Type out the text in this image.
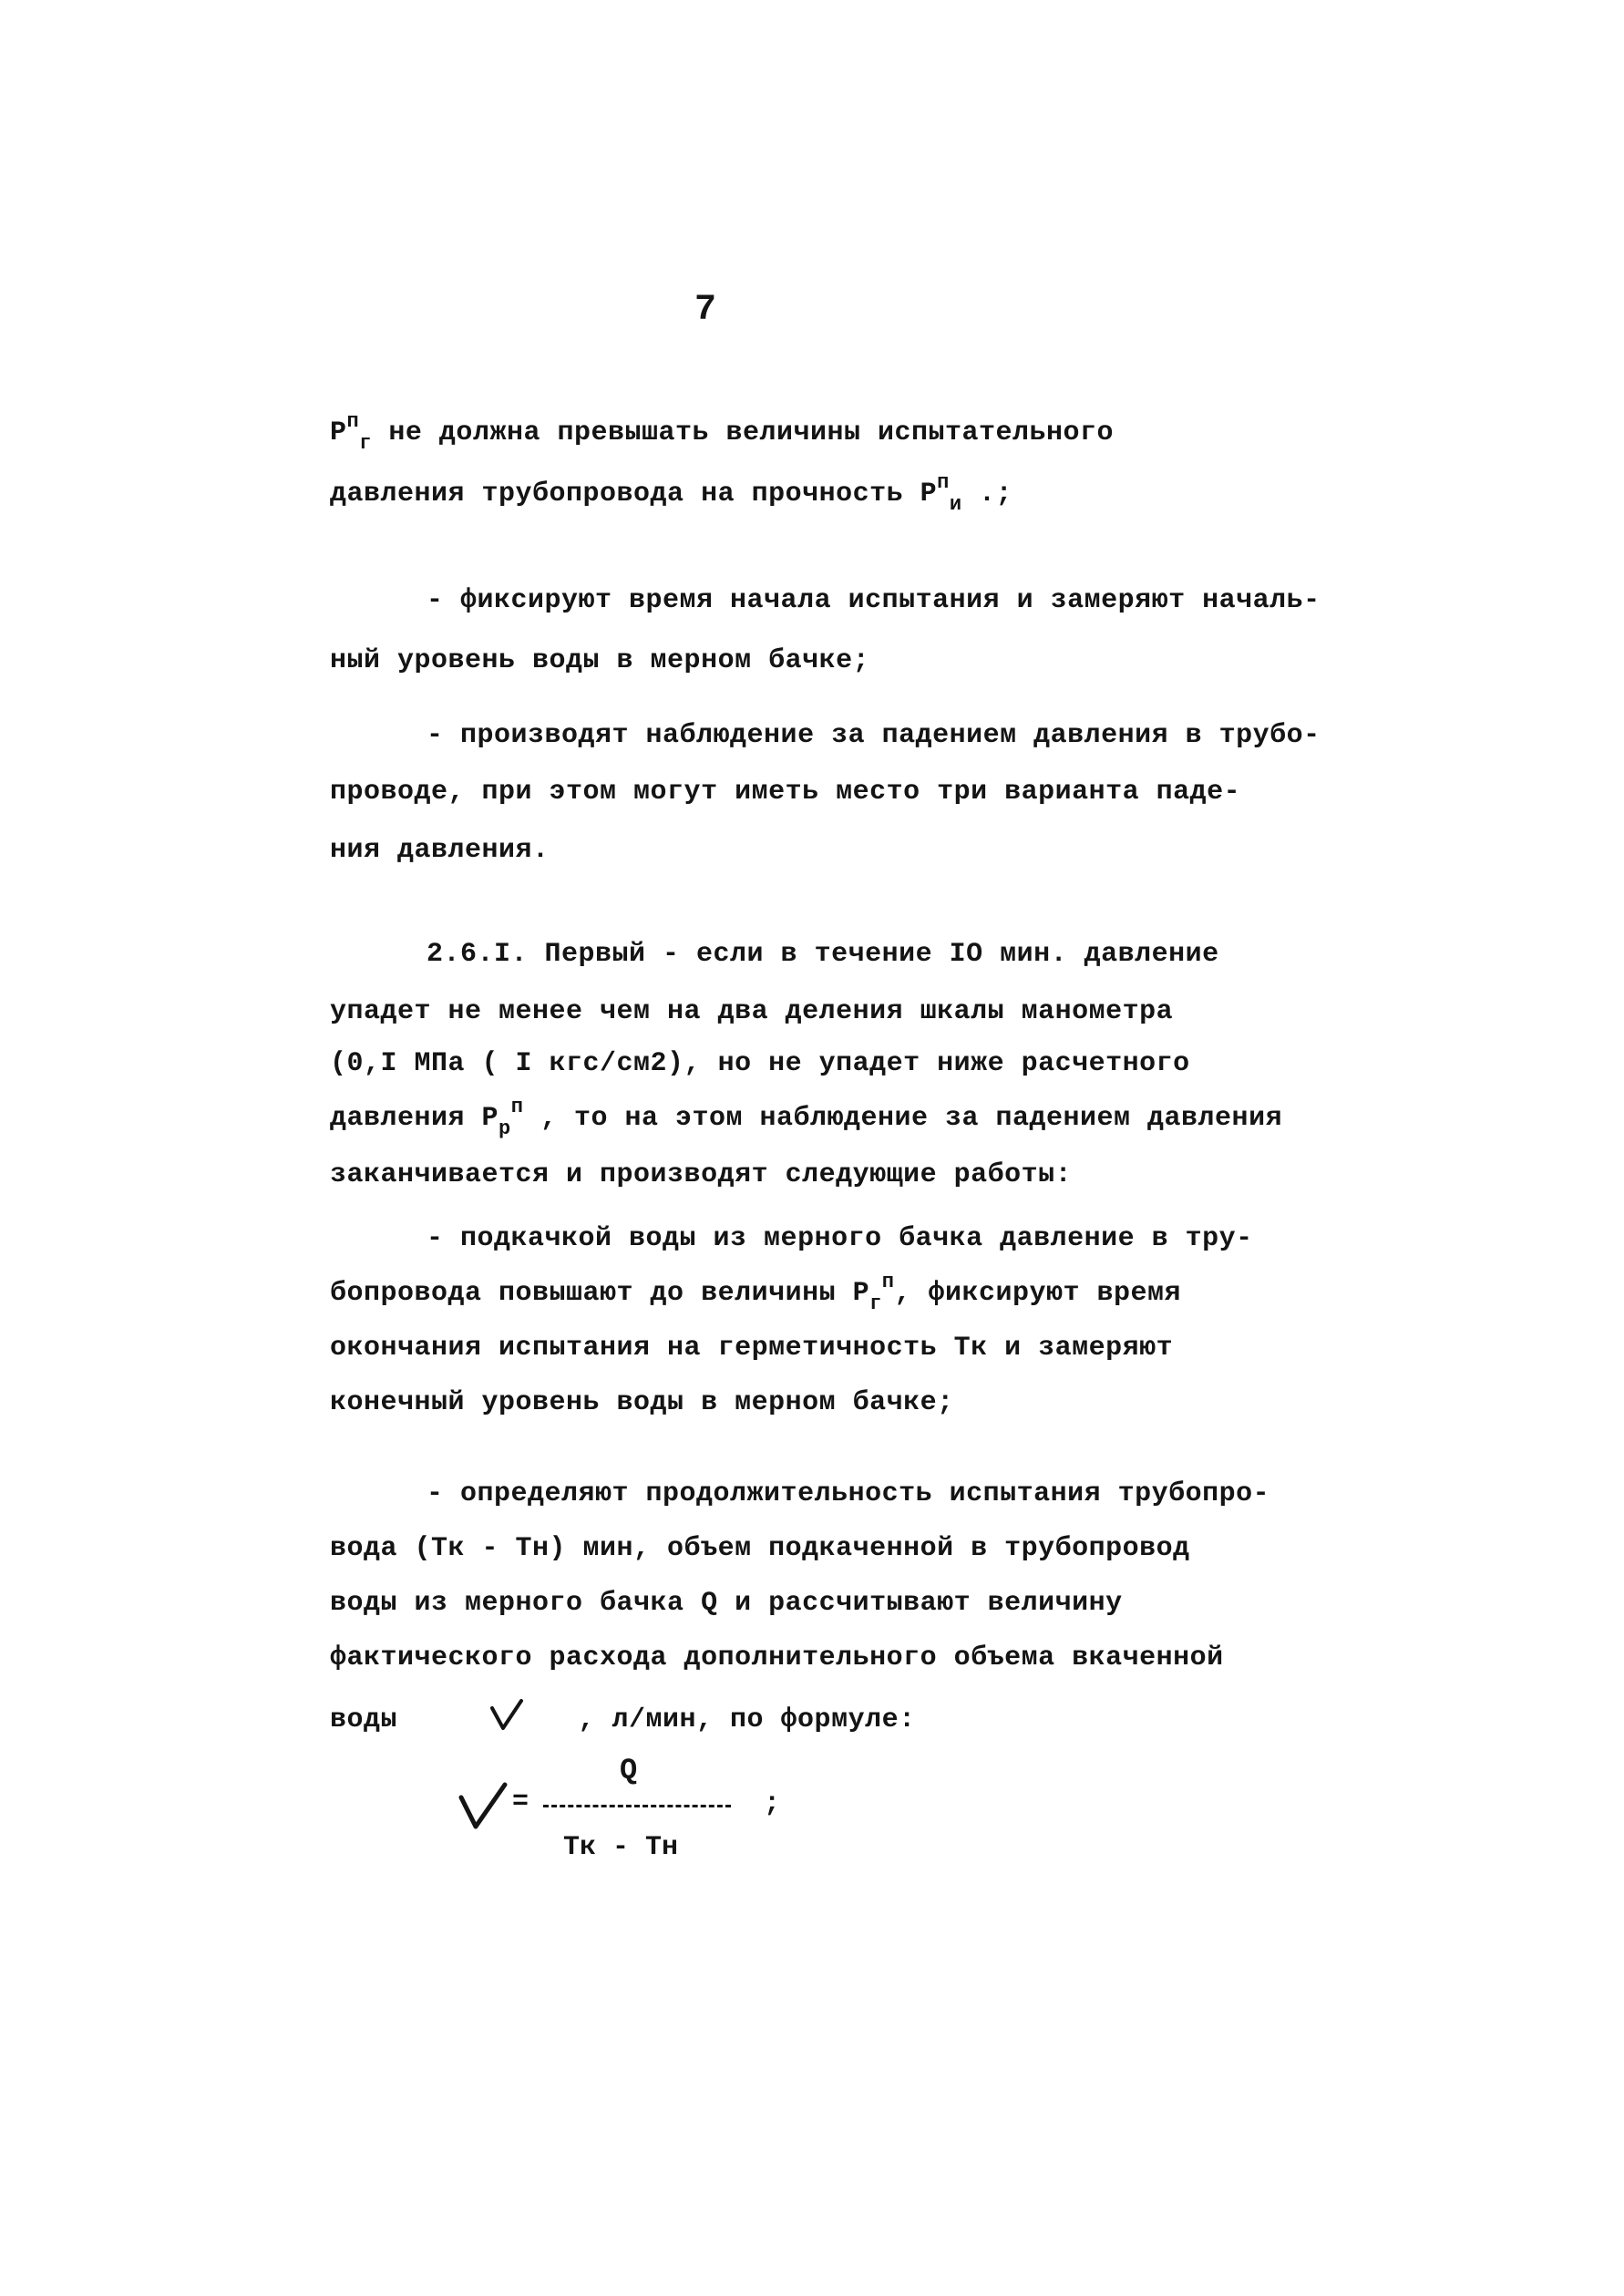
7
$P^п_г$ не должна превышать величины испытательного
давления трубопровода на прочность $P^п_и$ .;
- фиксируют время начала испытания и замеряют началь-
ный уровень воды в мерном бачке;
- производят наблюдение за падением давления в трубо-
проводе, при этом могут иметь место три варианта паде-
ния давления.
2.6.I. Первый - если в течение IO мин. давление
упадет не менее чем на два деления шкалы манометра
(0,I МПа ( I кгс/см2), но не упадет ниже расчетного
давления $P_р^п$ , то на этом наблюдение за падением давления
заканчивается и производят следующие работы:
- подкачкой воды из мерного бачка давление в тру-
бопровода повышают до величины $P_г^п$, фиксируют время
окончания испытания на герметичность Тк и замеряют
конечный уровень воды в мерном бачке;
- определяют продолжительность испытания трубопро-
вода (Тк - Тн) мин, объем подкаченной в трубопровод
воды из мерного бачка Q и расcчитывают величину
фактического расхода дополнительного объема вкаченной
воды	, л/мин, по формуле:
=
Q
Тк - Тн
;
